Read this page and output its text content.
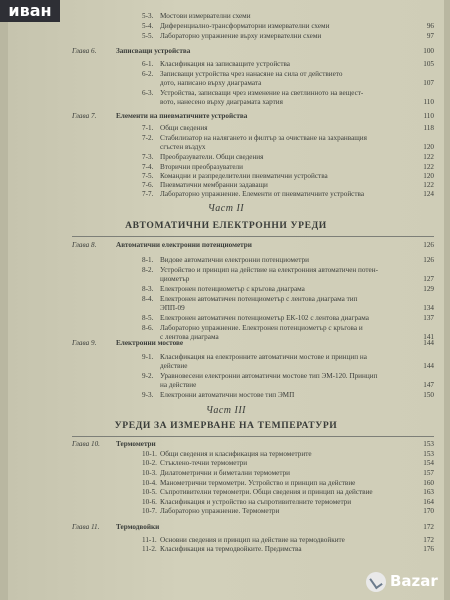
5-3. Мостови измервателни схеми
5-4. Диференциално-трансформаторни измервателни схеми	96
5-5. Лабораторно упражнение върху измервателни схеми	97
Глава 6.	Записващи устройства	100
6-1. Класификация на записващите устройства	105
6-2. Записващи устройства чрез нанасяне на сила от действието
дото, написано върху диаграмата	107
6-3. Устройства, записващи чрез изменение на светлинното на вещест-
вото, нанесено върху диаграмата хартия	110
Глава 7.	Елементи на пневматичните устройства	110
7-1. Общи сведения	118
7-2. Стабилизатор на налягането и филтър за очистване на захранващия
сгъстен въздух	120
7-3. Преобразуватели. Общи сведения	122
7-4. Вторични преобразуватели	122
7-5. Командни и разпределителни пневматични устройства	120
7-6. Пневматични мембранни задаващи	122
7-7. Лабораторно упражнение. Елементи от пневматичните устройства	124
Част II
АВТОМАТИЧНИ ЕЛЕКТРОННИ УРЕДИ
Глава 8.	Автоматични електронни потенциометри	126
8-1. Видове автоматични електронни потенциометри	126
8-2. Устройство и принцип на действие на електронния автоматичен потен-
циометър	127
8-3. Електронен потенциометър с кръгова диаграма	129
8-4. Електронен автоматичен потенциометър с лентова диаграма тип
ЭПП-09	134
8-5. Електронен автоматичен потенциометър ЕК-102 с лентова диаграма	137
8-6. Лабораторно упражнение. Електронен потенциометър с кръгова и
с лентова диаграма	141
Глава 9.	Електронни мостове	144
9-1. Класификация на електронните автоматични мостове и принцип на
действие	144
9-2. Уравновесени електронни автоматични мостове тип ЭМ-120. Принцип
на действие	147
9-3. Електронни автоматични мостове тип ЭМП	150
Част III
УРЕДИ ЗА ИЗМЕРВАНЕ НА ТЕМПЕРАТУРИ
Глава 10. Термометри	153
10-1. Общи сведения и класификация на термометрите	153
10-2. Стъклено-течни термометри	154
10-3. Дилатометрични и биметални термометри	157
10-4. Манометрични термометри. Устройство и принцип на действие	160
10-5. Съпротивителни термометри. Общи сведения и принцип на действие	163
10-6. Класификация и устройство на съпротивителните термометри	164
10-7. Лабораторно упражнение. Термометри	170
Глава 11. Термодвойки	172
11-1. Основни сведения и принцип на действие на термодвойките	172
11-2. Класификация на термодвойките. Предимства	176
иван
Bazar
